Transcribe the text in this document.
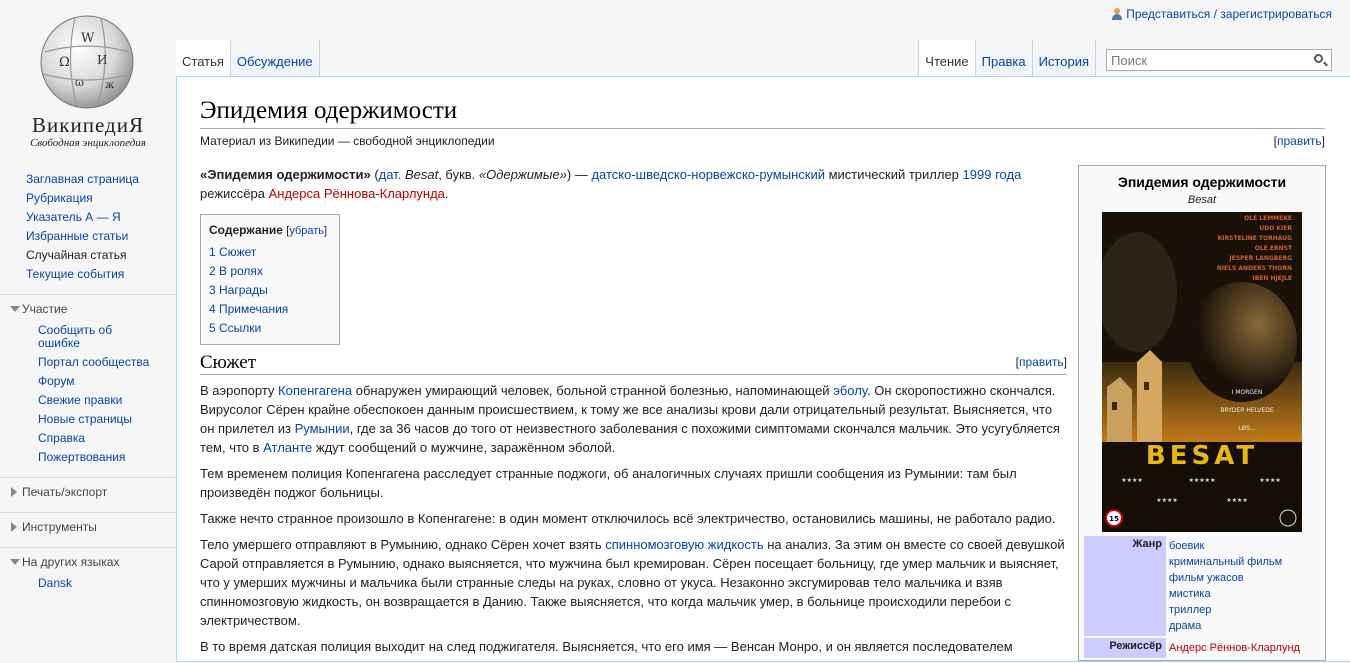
Представиться / зарегистрироваться
W
Ω И
ω ж
ВикипедиЯ
Свободная энциклопедия
Заглавная страница
Рубрикация
Указатель А — Я
Избранные статьи
Случайная статья
Текущие события
Участие
Сообщить об ошибке
Портал сообщества
Форум
Свежие правки
Новые страницы
Справка
Пожертвования
Печать/экспорт
Инструменты
На других языках
Dansk
Статья	Обсуждение	Чтение	Правка	История
Поиск
Эпидемия одержимости
Материал из Википедии — свободной энциклопедии	[править]

«Эпидемия одержимости» (дат. Besat, букв. «Одержимые») — датско-шведско-норвежско-румынский мистический триллер 1999 года режиссёра Андерса Рённова-Кларлунда.

Содержание [убрать]
1 Сюжет
2 В ролях
3 Награды
4 Примечания
5 Ссылки
Сюжет	[править]

В аэропорту Копенгагена обнаружен умирающий человек, больной странной болезнью, напоминающей эболу. Он скоропостижно скончался. Вирусолог Сёрен крайне обеспокоен данным происшествием, к тому же все анализы крови дали отрицательный результат. Выясняется, что он прилетел из Румынии, где за 36 часов до того от неизвестного заболевания с похожими симптомами скончался мальчик. Это усугубляется тем, что в Атланте ждут сообщений о мужчине, заражённом эболой.

Тем временем полиция Копенгагена расследует странные поджоги, об аналогичных случаях пришли сообщения из Румынии: там был произведён поджог больницы.

Также нечто странное произошло в Копенгагене: в один момент отключилось всё электричество, остановились машины, не работало радио.

Тело умершего отправляют в Румынию, однако Сёрен хочет взять спинномозговую жидкость на анализ. За этим он вместе со своей девушкой Сарой отправляется в Румынию, однако выясняется, что мужчина был кремирован. Сёрен посещает больницу, где умер мальчик и выясняет, что у умерших мужчины и мальчика были странные следы на руках, словно от укуса. Незаконно эксгумировав тело мальчика и взяв спинномозговую жидкость, он возвращается в Данию. Также выясняется, что когда мальчик умер, в больнице происходили перебои с электричеством.

В то время датская полиция выходит на след поджигателя. Выясняется, что его имя — Венсан Монро, и он является последователем

Эпидемия одержимости
Besat
OLE LEMMEKE
UDO KIER
KIRSTELINE TORHAUG
OLE ERNST
JESPER LANGBERG
NIELS ANDERS THORN
IBEN HJEJLE
I MORGEN
BRYDER HELVEDE
LØS...
BESAT
★★★★	★★★★★	★★★★
★★★★	★★★★
15
Жанр боевик
криминальный фильм
фильм ужасов
мистика
триллер
драма
Режиссёр Андерс Рённов-Кларлунд
